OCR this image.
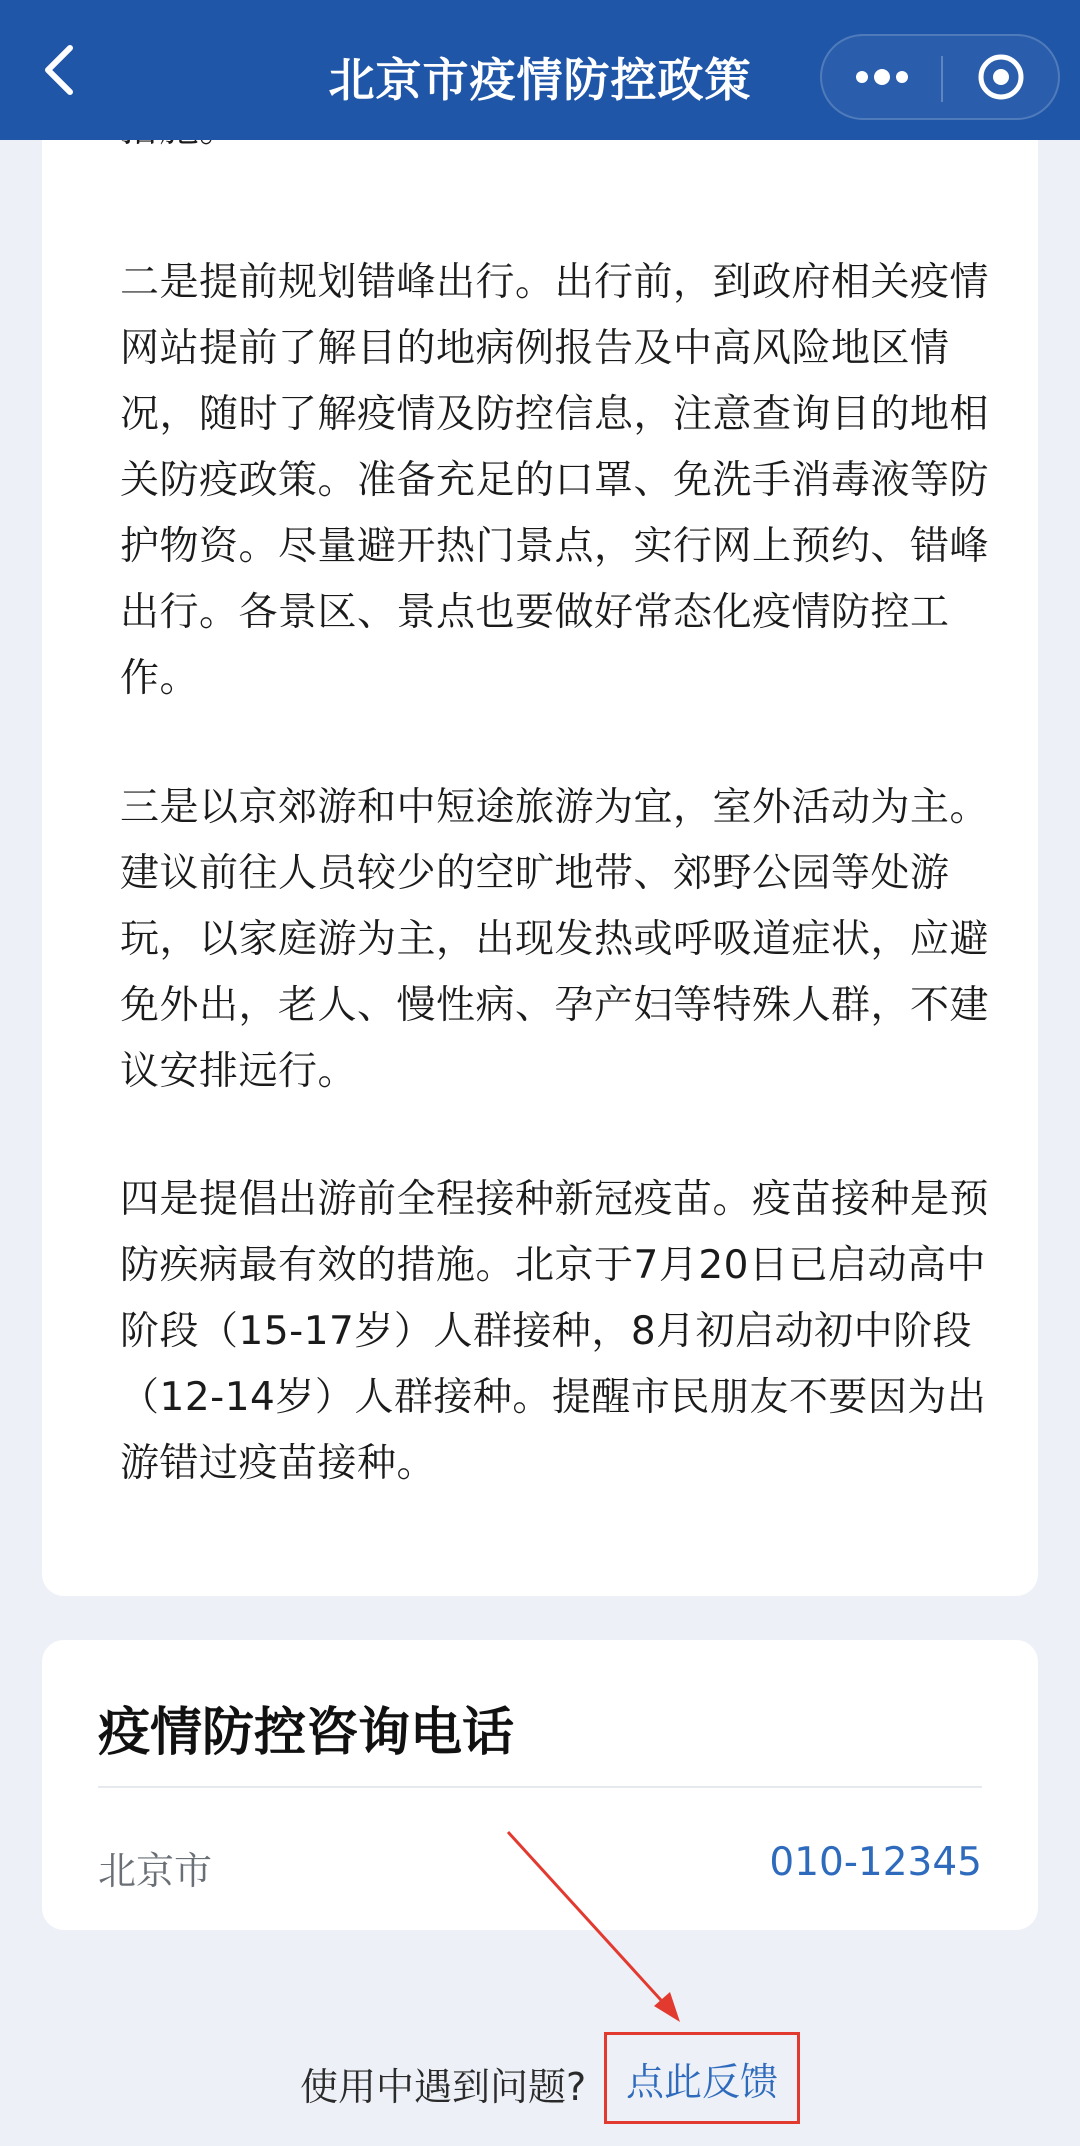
北京市疫情防控政策
二是提前规划错峰出行。出行前，到政府相关疫情网站提前了解目的地病例报告及中高风险地区情况，随时了解疫情及防控信息，注意查询目的地相关防疫政策。准备充足的口罩、免洗手消毒液等防护物资。尽量避开热门景点，实行网上预约、错峰出行。各景区、景点也要做好常态化疫情防控工作。
三是以京郊游和中短途旅游为宜，室外活动为主。建议前往人员较少的空旷地带、郊野公园等处游玩，以家庭游为主，出现发热或呼吸道症状，应避免外出，老人、慢性病、孕产妇等特殊人群，不建议安排远行。
四是提倡出游前全程接种新冠疫苗。疫苗接种是预防疾病最有效的措施。北京于7月20日已启动高中阶段（15-17岁）人群接种，8月初启动初中阶段（12-14岁）人群接种。提醒市民朋友不要因为出游错过疫苗接种。
疫情防控咨询电话
北京市	010-12345
使用中遇到问题? 点此反馈
